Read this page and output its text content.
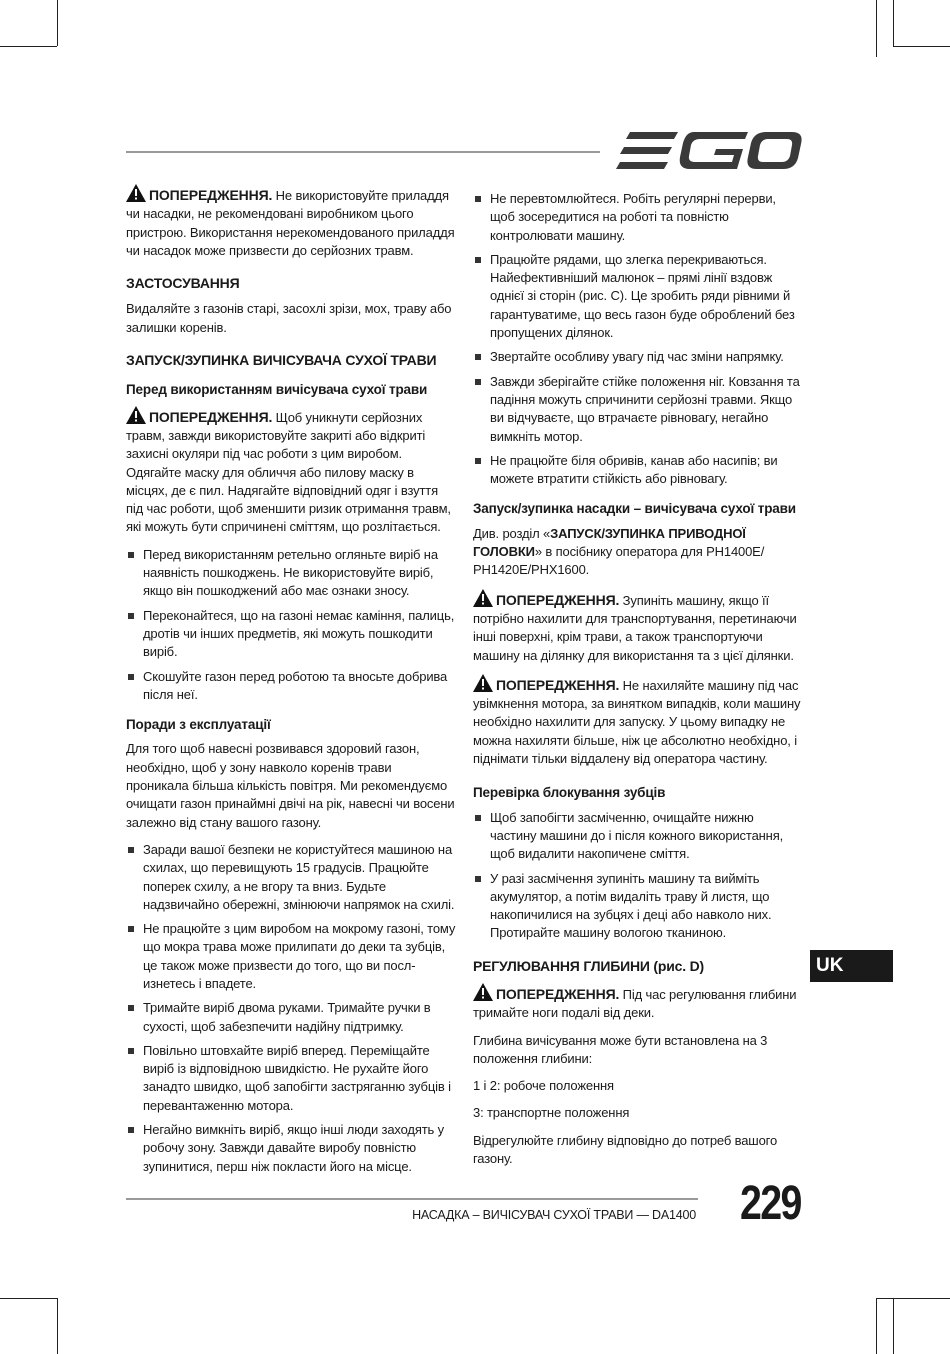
ПОПЕРЕДЖЕННЯ. Не використовуйте приладдя чи насадки, не рекомендовані виробником цього пристрою. Використання нерекомендованого приладдя чи насадок може призвести до серйозних травм.

ЗАСТОСУВАННЯ

Видаляйте з газонів старі, засохлі зрізи, мох, траву або залишки коренів.

ЗАПУСК/ЗУПИНКА ВИЧІСУВАЧА СУХОЇ ТРАВИ
Перед використанням вичісувача сухої трави

ПОПЕРЕДЖЕННЯ. Щоб уникнути серйозних травм, завжди використовуйте закриті або відкриті захисні окуляри під час роботи з цим виробом. Одягайте маску для обличчя або пилову маску в місцях, де є пил. Надягайте відповідний одяг і взуття під час роботи, щоб зменшити ризик отримання травм, які можуть бути спричинені сміттям, що розлітається.

Перед використанням ретельно огляньте виріб на наявність пошкоджень. Не використовуйте виріб, якщо він пошкоджений або має ознаки зносу.
Переконайтеся, що на газоні немає каміння, палиць, дротів чи інших предметів, які можуть пошкодити виріб.
Скошуйте газон перед роботою та вносьте добрива після неї.
Поради з експлуатації

Для того щоб навесні розвивався здоровий газон, необхідно, щоб у зону навколо коренів трави проникала більша кількість повітря. Ми рекомендуємо очищати газон принаймні двічі на рік, навесні чи восени залежно від стану вашого газону.

Заради вашої безпеки не користуйтеся машиною на схилах, що перевищують 15 градусів. Працюйте поперек схилу, а не вгору та вниз. Будьте надзвичайно обережні, змінюючи напрямок на схилі.
Не працюйте з цим виробом на мокрому газоні, тому що мокра трава може прилипати до деки та зубців, це також може призвести до того, що ви послизнетесь і впадете.
Тримайте виріб двома руками. Тримайте ручки в сухості, щоб забезпечити надійну підтримку.
Повільно штовхайте виріб вперед. Переміщайте виріб із відповідною швидкістю. Не рухайте його занадто швидко, щоб запобігти застряганню зубців і перевантаженню мотора.
Негайно вимкніть виріб, якщо інші люди заходять у робочу зону. Завжди давайте виробу повністю зупинитися, перш ніж покласти його на місце.
Не перевтомлюйтеся. Робіть регулярні перерви, щоб зосередитися на роботі та повністю контролювати машину.
Працюйте рядами, що злегка перекриваються. Найефективніший малюнок – прямі лінії вздовж однієї зі сторін (рис. C). Це зробить ряди рівними й гарантуватиме, що весь газон буде оброблений без пропущених ділянок.
Звертайте особливу увагу під час зміни напрямку.
Завжди зберігайте стійке положення ніг. Ковзання та падіння можуть спричинити серйозні травми. Якщо ви відчуваєте, що втрачаєте рівновагу, негайно вимкніть мотор.
Не працюйте біля обривів, канав або насипів; ви можете втратити стійкість або рівновагу.
Запуск/зупинка насадки – вичісувача сухої трави

Див. розділ «ЗАПУСК/ЗУПИНКА ПРИВОДНОЇ ГОЛОВКИ» в посібнику оператора для PH1400E/ PH1420E/PHX1600.

ПОПЕРЕДЖЕННЯ. Зупиніть машину, якщо її потрібно нахилити для транспортування, перетинаючи інші поверхні, крім трави, а також транспортуючи машину на ділянку для використання та з цієї ділянки.

ПОПЕРЕДЖЕННЯ. Не нахиляйте машину під час увімкнення мотора, за винятком випадків, коли машину необхідно нахилити для запуску. У цьому випадку не можна нахиляти більше, ніж це абсолютно необхідно, і піднімати тільки віддалену від оператора частину.

Перевірка блокування зубців
Щоб запобігти засміченню, очищайте нижню частину машини до і після кожного використання, щоб видалити накопичене сміття.
У разі засмічення зупиніть машину та вийміть акумулятор, а потім видаліть траву й листя, що накопичилися на зубцях і деці або навколо них. Протирайте машину вологою тканиною.
РЕГУЛЮВАННЯ ГЛИБИНИ (рис. D)

ПОПЕРЕДЖЕННЯ. Під час регулювання глибини тримайте ноги подалі від деки.

Глибина вичісування може бути встановлена на 3 положення глибини:

1 і 2: робоче положення

3: транспортне положення

Відрегулюйте глибину відповідно до потреб вашого газону.

UK
НАСАДКА – ВИЧІСУВАЧ СУХОЇ ТРАВИ — DA1400 229
